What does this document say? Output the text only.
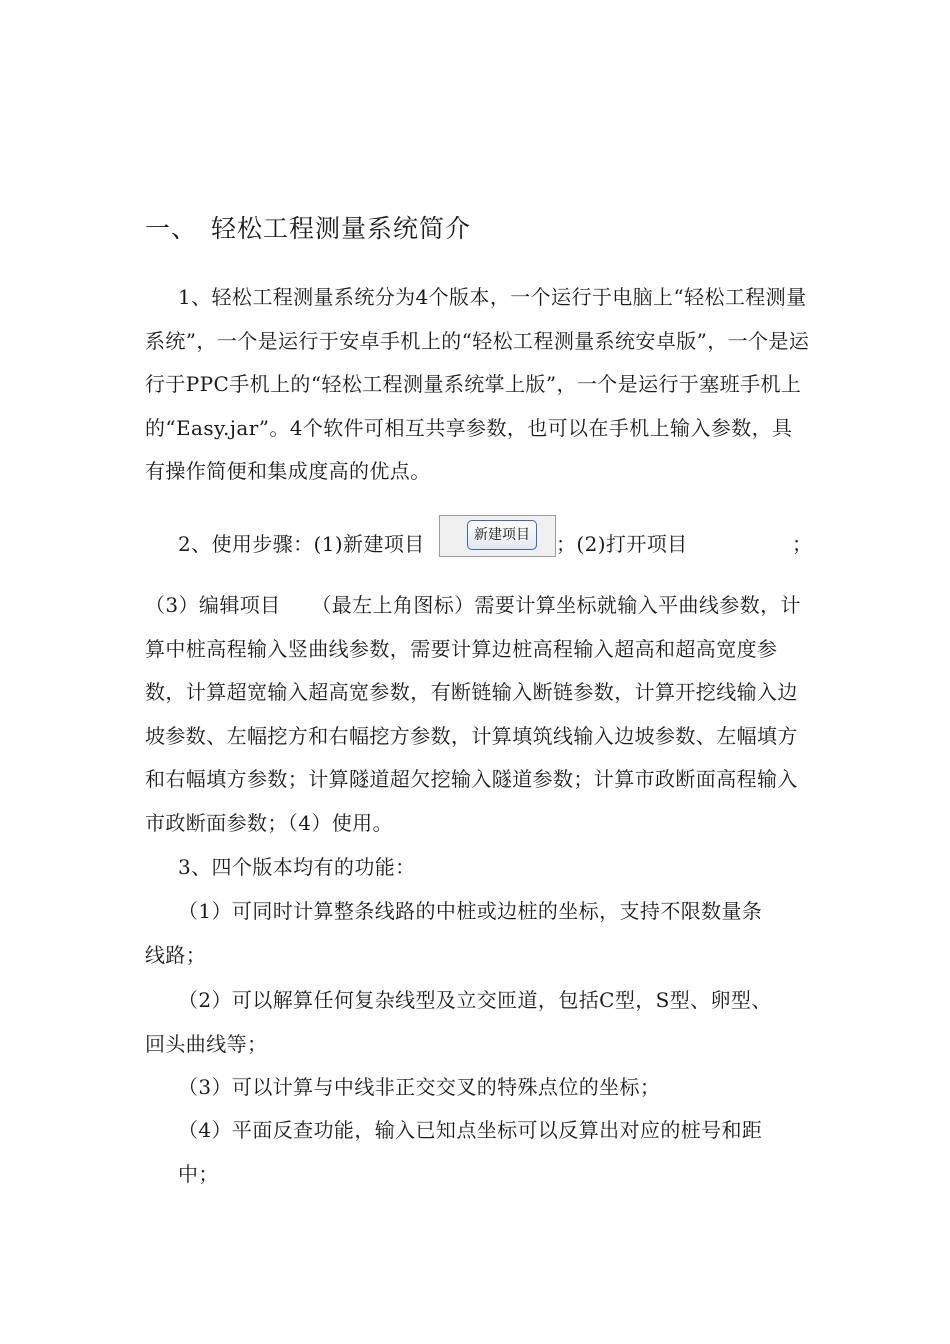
一、 轻松工程测量系统简介

1、轻松工程测量系统分为4个版本，一个运行于电脑上“轻松工程测量系统”，一个是运行于安卓手机上的“轻松工程测量系统安卓版”，一个是运行于PPC手机上的“轻松工程测量系统掌上版”，一个是运行于塞班手机上的“Easy.jar”。4个软件可相互共享参数，也可以在手机上输入参数，具有操作简便和集成度高的优点。

2、使用步骤：(1)新建项目	新建项目	；(2)打开项目	；

（3）编辑项目　　（最左上角图标）需要计算坐标就输入平曲线参数，计算中桩高程输入竖曲线参数，需要计算边桩高程输入超高和超高宽度参数，计算超宽输入超高宽参数，有断链输入断链参数，计算开挖线输入边坡参数、左幅挖方和右幅挖方参数，计算填筑线输入边坡参数、左幅填方和右幅填方参数；计算隧道超欠挖输入隧道参数；计算市政断面高程输入市政断面参数；（4）使用。

3、四个版本均有的功能：
（1）可同时计算整条线路的中桩或边桩的坐标，支持不限数量条
线路；
（2）可以解算任何复杂线型及立交匝道，包括C型，S型、卵型、
回头曲线等；
（3）可以计算与中线非正交交叉的特殊点位的坐标；
（4）平面反查功能，输入已知点坐标可以反算出对应的桩号和距
中；
